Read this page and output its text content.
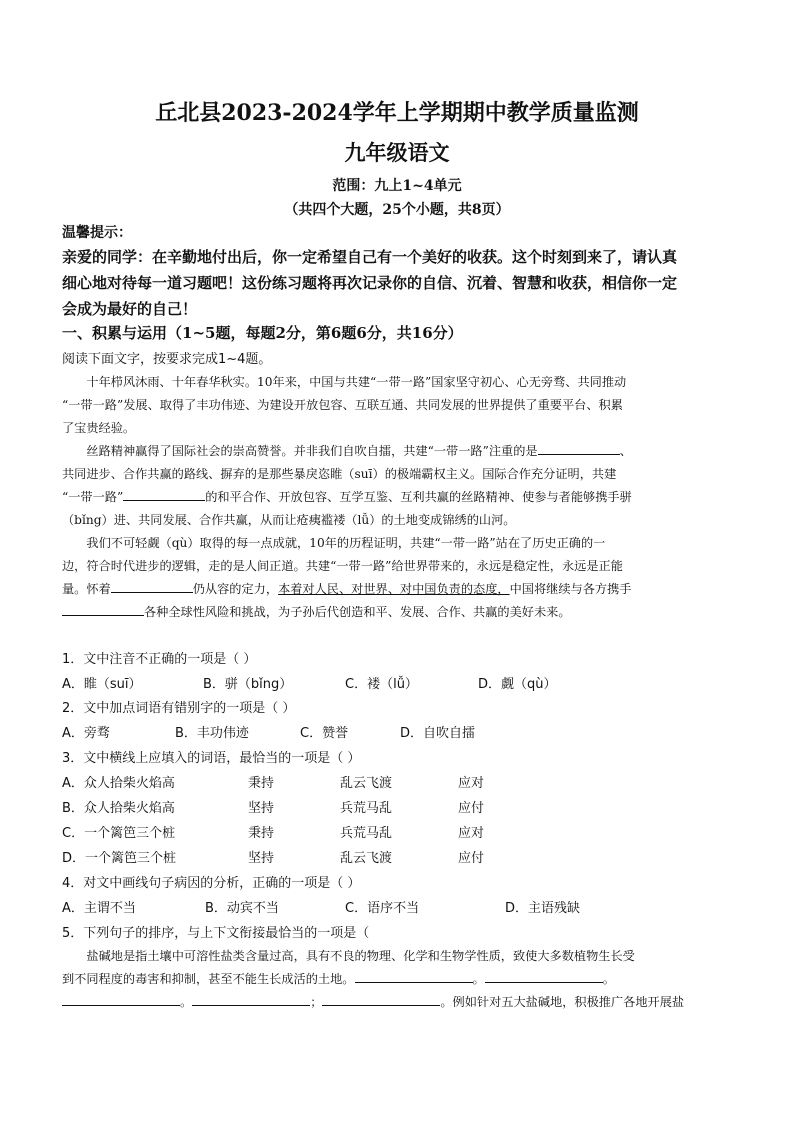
丘北县2023-2024学年上学期期中教学质量监测
九年级语文
范围：九上1~4单元
（共四个大题，25个小题，共8页）
温馨提示：
亲爱的同学：在辛勤地付出后，你一定希望自己有一个美好的收获。这个时刻到来了，请认真
细心地对待每一道习题吧！这份练习题将再次记录你的自信、沉着、智慧和收获，相信你一定
会成为最好的自己！
一、积累与运用（1~5题，每题2分，第6题6分，共16分）
阅读下面文字，按要求完成1~4题。

十年栉风沐雨、十年春华秋实。10年来，中国与共建“一带一路”国家坚守初心、心无旁骛、共同推动

“一带一路”发展、取得了丰功伟迹、为建设开放包容、互联互通、共同发展的世界提供了重要平台、积累

了宝贵经验。

丝路精神赢得了国际社会的崇高赞誉。并非我们自吹自擂，共建“一带一路”注重的是	、

共同进步、合作共赢的路线、摒弃的是那些暴戾恣睢（suī）的极端霸权主义。国际合作充分证明，共建

“一带一路”	的和平合作、开放包容、互学互鉴、互利共赢的丝路精神、使参与者能够携手骈

（bǐng）进、共同发展、合作共赢，从而让疮痍褴褛（lǚ）的土地变成锦绣的山河。

我们不可轻觑（qù）取得的每一点成就，10年的历程证明，共建“一带一路”站在了历史正确的一

边，符合时代进步的逻辑，走的是人间正道。共建“一带一路”给世界带来的，永远是稳定性，永远是正能

量。怀着	仍从容的定力，本着对人民、对世界、对中国负责的态度，中国将继续与各方携手

各种全球性风险和挑战，为子孙后代创造和平、发展、合作、共赢的美好未来。

1．文中注音不正确的一项是（ ）
A．睢（suī）	B．骈（bǐng）	C．褛（lǚ）	D．觑（qù）
2．文中加点词语有错别字的一项是（ ）
A．旁骛	B．丰功伟迹	C．赞誉	D．自吹自擂
3．文中横线上应填入的词语，最恰当的一项是（ ）
A．众人拾柴火焰高	秉持	乱云飞渡	应对
B．众人拾柴火焰高	坚持	兵荒马乱	应付
C．一个篱笆三个桩	秉持	兵荒马乱	应对
D．一个篱笆三个桩	坚持	乱云飞渡	应付
4．对文中画线句子病因的分析，正确的一项是（ ）
A．主谓不当	B．动宾不当	C．语序不当	D．主语残缺
5．下列句子的排序，与上下文衔接最恰当的一项是（

盐碱地是指土壤中可溶性盐类含量过高，具有不良的物理、化学和生物学性质，致使大多数植物生长受

到不同程度的毒害和抑制，甚至不能生长成活的土地。	。	。

。	；	。例如针对五大盐碱地，积极推广各地开展盐
